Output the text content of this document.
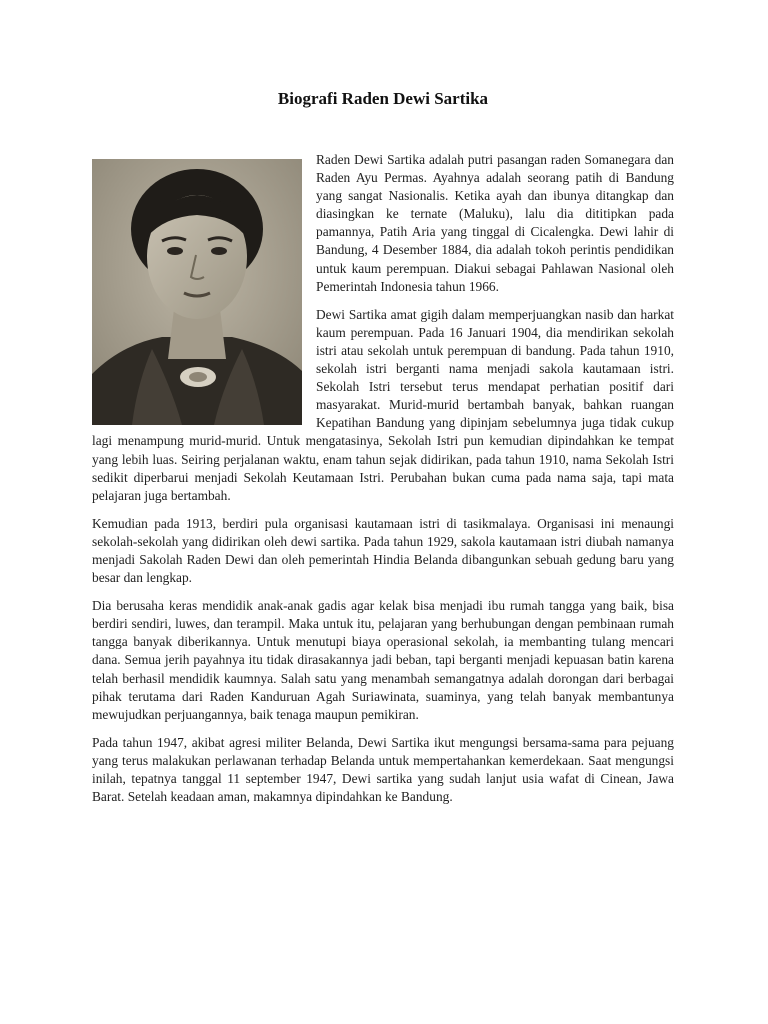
Biografi Raden Dewi Sartika

Raden Dewi Sartika adalah putri pasangan raden Somanegara dan Raden Ayu Permas. Ayahnya adalah seorang patih di Bandung yang sangat Nasionalis. Ketika ayah dan ibunya ditangkap dan diasingkan ke ternate (Maluku), lalu dia dititipkan pada pamannya, Patih Aria yang tinggal di Cicalengka. Dewi lahir di Bandung, 4 Desember 1884, dia adalah tokoh perintis pendidikan untuk kaum perempuan. Diakui sebagai Pahlawan Nasional oleh Pemerintah Indonesia tahun 1966.

Dewi Sartika amat gigih dalam memperjuangkan nasib dan harkat kaum perempuan. Pada 16 Januari 1904, dia mendirikan sekolah istri atau sekolah untuk perempuan di bandung. Pada tahun 1910, sekolah istri berganti nama menjadi sakola kautamaan istri. Sekolah Istri tersebut terus mendapat perhatian positif dari masyarakat. Murid-murid bertambah banyak, bahkan ruangan Kepatihan Bandung yang dipinjam sebelumnya juga tidak cukup lagi menampung murid-murid. Untuk mengatasinya, Sekolah Istri pun kemudian dipindahkan ke tempat yang lebih luas. Seiring perjalanan waktu, enam tahun sejak didirikan, pada tahun 1910, nama Sekolah Istri sedikit diperbarui menjadi Sekolah Keutamaan Istri. Perubahan bukan cuma pada nama saja, tapi mata pelajaran juga bertambah.

Kemudian pada 1913, berdiri pula organisasi kautamaan istri di tasikmalaya. Organisasi ini menaungi sekolah-sekolah yang didirikan oleh dewi sartika. Pada tahun 1929, sakola kautamaan istri diubah namanya menjadi Sakolah Raden Dewi dan oleh pemerintah Hindia Belanda dibangunkan sebuah gedung baru yang besar dan lengkap.

Dia berusaha keras mendidik anak-anak gadis agar kelak bisa menjadi ibu rumah tangga yang baik, bisa berdiri sendiri, luwes, dan terampil. Maka untuk itu, pelajaran yang berhubungan dengan pembinaan rumah tangga banyak diberikannya. Untuk menutupi biaya operasional sekolah, ia membanting tulang mencari dana. Semua jerih payahnya itu tidak dirasakannya jadi beban, tapi berganti menjadi kepuasan batin karena telah berhasil mendidik kaumnya. Salah satu yang menambah semangatnya adalah dorongan dari berbagai pihak terutama dari Raden Kanduruan Agah Suriawinata, suaminya, yang telah banyak membantunya mewujudkan perjuangannya, baik tenaga maupun pemikiran.

Pada tahun 1947, akibat agresi militer Belanda, Dewi Sartika ikut mengungsi bersama-sama para pejuang yang terus malakukan perlawanan terhadap Belanda untuk mempertahankan kemerdekaan. Saat mengungsi inilah, tepatnya tanggal 11 september 1947, Dewi sartika yang sudah lanjut usia wafat di Cinean, Jawa Barat. Setelah keadaan aman, makamnya dipindahkan ke Bandung.
